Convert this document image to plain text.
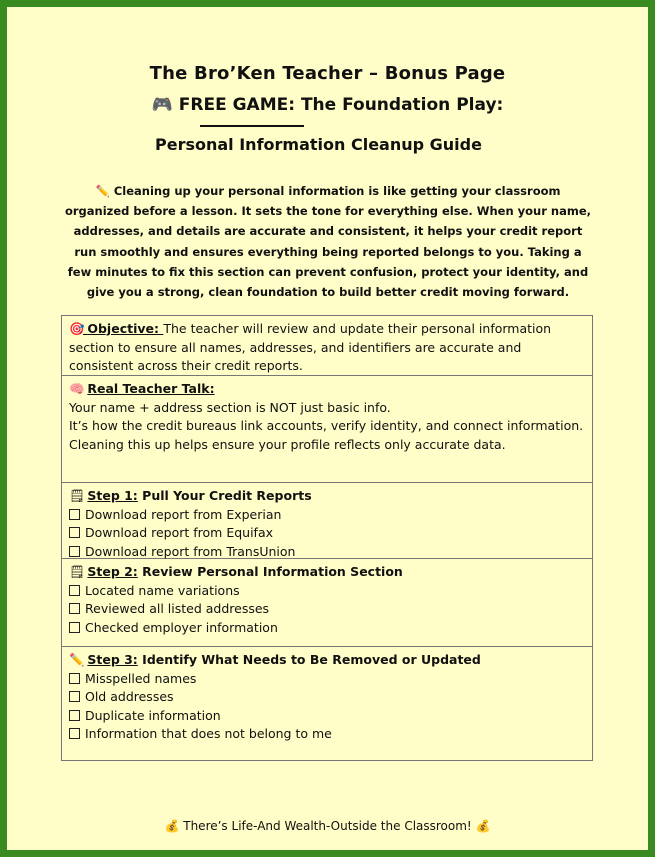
The Bro’Ken Teacher – Bonus Page
🎮 FREE GAME: The Foundation Play:
Personal Information Cleanup Guide
✏️ Cleaning up your personal information is like getting your classroom organized before a lesson. It sets the tone for everything else. When your name, addresses, and details are accurate and consistent, it helps your credit report run smoothly and ensures everything being reported belongs to you. Taking a few minutes to fix this section can prevent confusion, protect your identity, and give you a strong, clean foundation to build better credit moving forward.
🎯 Objective: The teacher will review and update their personal information section to ensure all names, addresses, and identifiers are accurate and consistent across their credit reports.
🧠 Real Teacher Talk:
Your name + address section is NOT just basic info.
It’s how the credit bureaus link accounts, verify identity, and connect information. Cleaning this up helps ensure your profile reflects only accurate data.
🗒 Step 1: Pull Your Credit Reports
Download report from Experian
Download report from Equifax
Download report from TransUnion
🗒 Step 2: Review Personal Information Section
Located name variations
Reviewed all listed addresses
Checked employer information
✏️ Step 3: Identify What Needs to Be Removed or Updated
Misspelled names
Old addresses
Duplicate information
Information that does not belong to me
💰 There’s Life-And Wealth-Outside the Classroom! 💰
